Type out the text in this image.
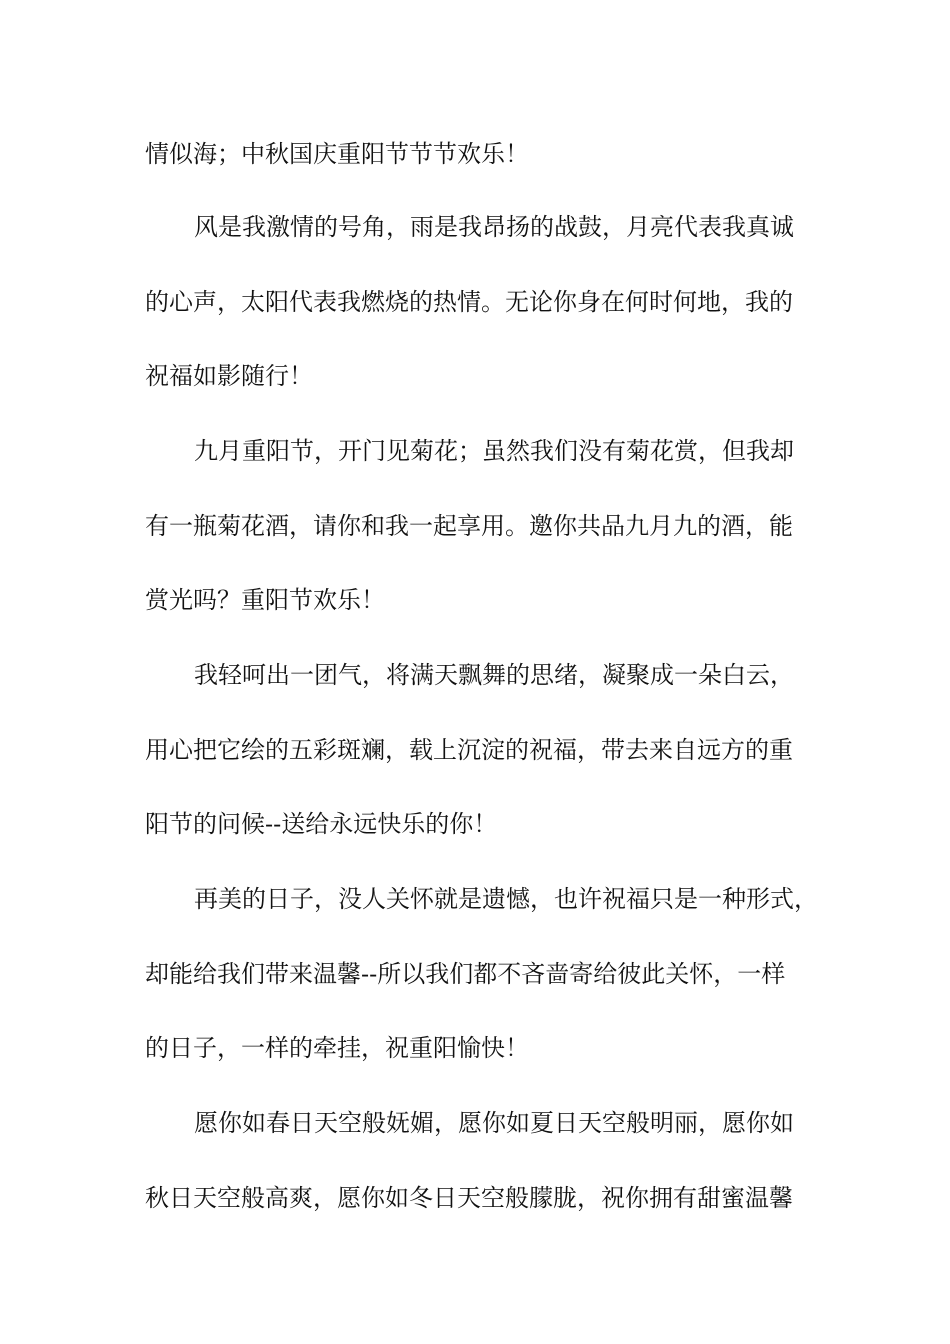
情似海；中秋国庆重阳节节节欢乐！
风是我激情的号角，雨是我昂扬的战鼓，月亮代表我真诚
的心声，太阳代表我燃烧的热情。无论你身在何时何地，我的
祝福如影随行！
九月重阳节，开门见菊花；虽然我们没有菊花赏，但我却
有一瓶菊花酒，请你和我一起享用。邀你共品九月九的酒，能
赏光吗？重阳节欢乐！
我轻呵出一团气，将满天飘舞的思绪，凝聚成一朵白云，
用心把它绘的五彩斑斓，载上沉淀的祝福，带去来自远方的重
阳节的问候--送给永远快乐的你！
再美的日子，没人关怀就是遗憾，也许祝福只是一种形式，
却能给我们带来温馨--所以我们都不吝啬寄给彼此关怀，一样
的日子，一样的牵挂，祝重阳愉快！
愿你如春日天空般妩媚，愿你如夏日天空般明丽，愿你如
秋日天空般高爽，愿你如冬日天空般朦胧，祝你拥有甜蜜温馨
